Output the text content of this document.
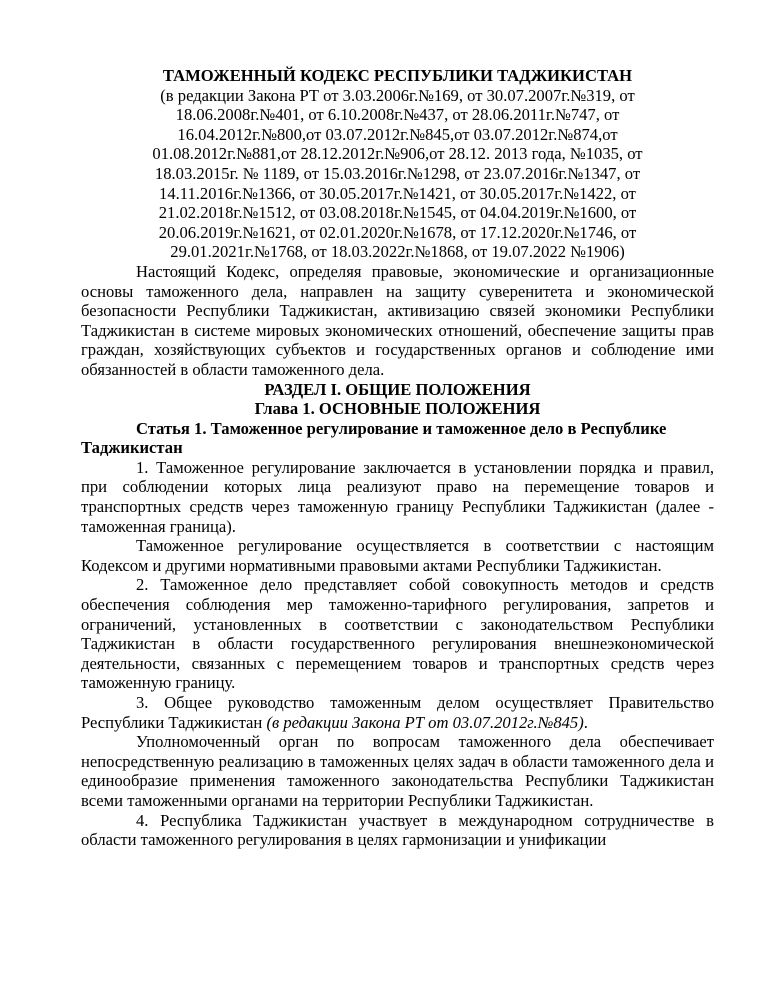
ТАМОЖЕННЫЙ КОДЕКС РЕСПУБЛИКИ ТАДЖИКИСТАН

(в редакции Закона РТ от 3.03.2006г.№169, от 30.07.2007г.№319, от

18.06.2008г.№401, от 6.10.2008г.№437, от 28.06.2011г.№747, от

16.04.2012г.№800,от 03.07.2012г.№845,от 03.07.2012г.№874,от

01.08.2012г.№881,от 28.12.2012г.№906,от 28.12. 2013 года, №1035, от

18.03.2015г. № 1189, от 15.03.2016г.№1298, от 23.07.2016г.№1347, от

14.11.2016г.№1366, от 30.05.2017г.№1421, от 30.05.2017г.№1422, от

21.02.2018г.№1512, от 03.08.2018г.№1545, от 04.04.2019г.№1600, от

20.06.2019г.№1621, от 02.01.2020г.№1678, от 17.12.2020г.№1746, от

29.01.2021г.№1768, от 18.03.2022г.№1868, от 19.07.2022 №1906)

Настоящий Кодекс, определяя правовые, экономические и организационные основы таможенного дела, направлен на защиту суверенитета и экономической безопасности Республики Таджикистан, активизацию связей экономики Республики Таджикистан в системе мировых экономических отношений, обеспечение защиты прав граждан, хозяйствующих субъектов и государственных органов и соблюдение ими обязанностей в области таможенного дела.

РАЗДЕЛ I. ОБЩИЕ ПОЛОЖЕНИЯ

Глава 1. ОСНОВНЫЕ ПОЛОЖЕНИЯ

Статья 1. Таможенное регулирование и таможенное дело в Республике Таджикистан

1. Таможенное регулирование заключается в установлении порядка и правил, при соблюдении которых лица реализуют право на перемещение товаров и транспортных средств через таможенную границу Республики Таджикистан (далее - таможенная граница).

Таможенное регулирование осуществляется в соответствии с настоящим Кодексом и другими нормативными правовыми актами Республики Таджикистан.

2. Таможенное дело представляет собой совокупность методов и средств обеспечения соблюдения мер таможенно-тарифного регулирования, запретов и ограничений, установленных в соответствии с законодательством Республики Таджикистан в области государственного регулирования внешнеэкономической деятельности, связанных с перемещением товаров и транспортных средств через таможенную границу.

3. Общее руководство таможенным делом осуществляет Правительство Республики Таджикистан (в редакции Закона РТ от 03.07.2012г.№845).

Уполномоченный орган по вопросам таможенного дела обеспечивает непосредственную реализацию в таможенных целях задач в области таможенного дела и единообразие применения таможенного законодательства Республики Таджикистан всеми таможенными органами на территории Республики Таджикистан.

4. Республика Таджикистан участвует в международном сотрудничестве в области таможенного регулирования в целях гармонизации и унификации
